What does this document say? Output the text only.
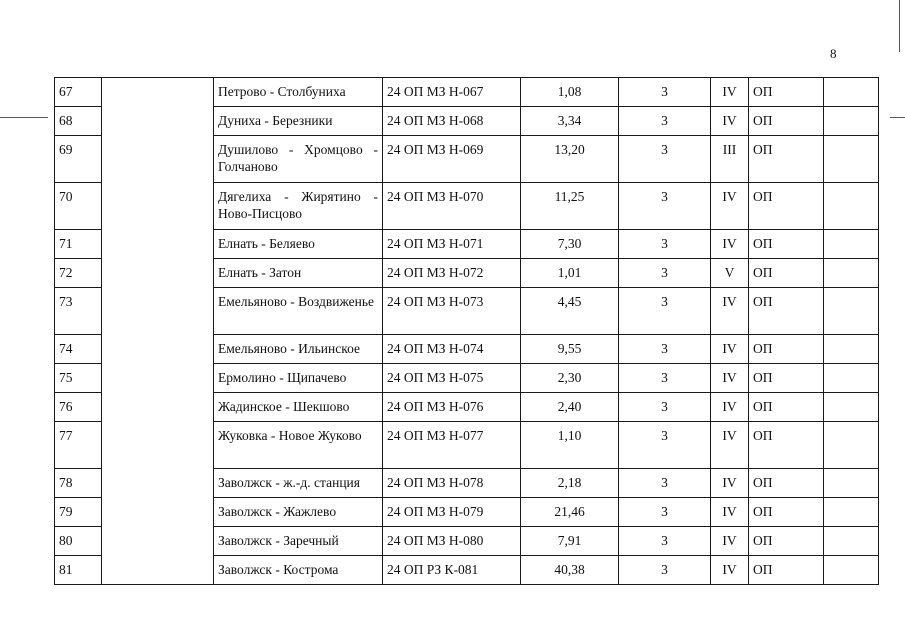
8
67		Петрово - Столбуниха	24 ОП МЗ Н-067	1,08	3	IV	ОП	
68		Дуниха - Березники	24 ОП МЗ Н-068	3,34	3	IV	ОП	
69		Душилово - Хромцово - Голчаново	24 ОП МЗ Н-069	13,20	3	III	ОП	
70		Дягелиха - Жирятино - Ново-Писцово	24 ОП МЗ Н-070	11,25	3	IV	ОП	
71		Елнать - Беляево	24 ОП МЗ Н-071	7,30	3	IV	ОП	
72		Елнать - Затон	24 ОП МЗ Н-072	1,01	3	V	ОП	
73		Емельяново - Воздвиженье	24 ОП МЗ Н-073	4,45	3	IV	ОП	
74		Емельяново - Ильинское	24 ОП МЗ Н-074	9,55	3	IV	ОП	
75		Ермолино - Щипачево	24 ОП МЗ Н-075	2,30	3	IV	ОП	
76		Жадинское - Шекшово	24 ОП МЗ Н-076	2,40	3	IV	ОП	
77		Жуковка - Новое Жуково	24 ОП МЗ Н-077	1,10	3	IV	ОП	
78		Заволжск - ж.-д. станция	24 ОП МЗ Н-078	2,18	3	IV	ОП	
79		Заволжск - Жажлево	24 ОП МЗ Н-079	21,46	3	IV	ОП	
80		Заволжск - Заречный	24 ОП МЗ Н-080	7,91	3	IV	ОП	
81		Заволжск - Кострома	24 ОП РЗ К-081	40,38	3	IV	ОП	
